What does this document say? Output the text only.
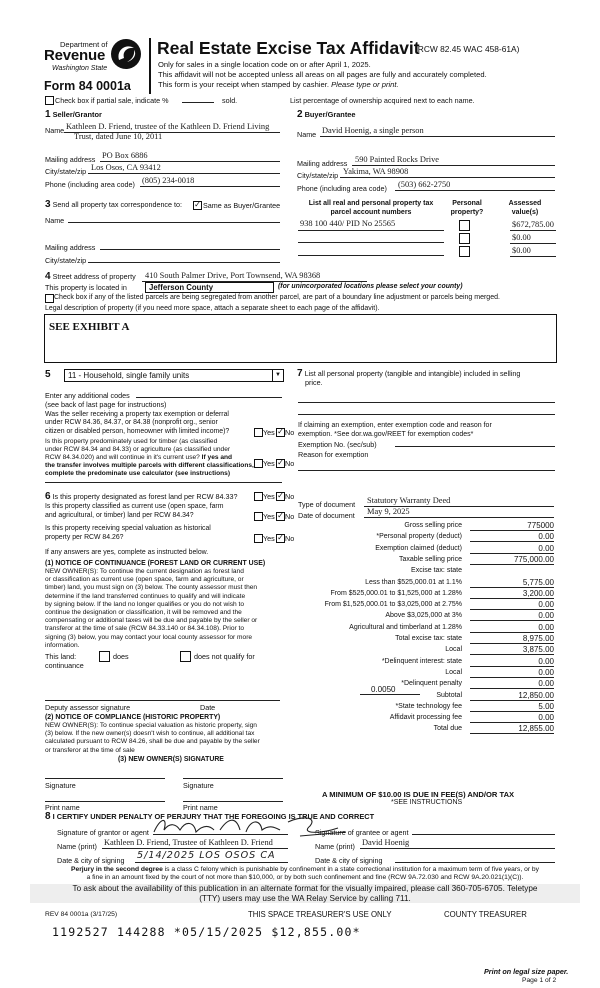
Department of
Revenue
Washington State
Form 84 0001a
Real Estate Excise Tax Affidavit
(RCW 82.45 WAC 458-61A)
Only for sales in a single location code on or after April 1, 2025.
This affidavit will not be accepted unless all areas on all pages are fully and accurately completed.
This form is your receipt when stamped by cashier. Please type or print.
Check box if partial sale, indicate %	sold.	List percentage of ownership acquired next to each name.
1 Seller/Grantor
Name Kathleen D. Friend, trustee of the Kathleen D. Friend Living
Trust, dated June 10, 2011
Mailing address PO Box 6886
City/state/zip Los Osos, CA 93412
Phone (including area code) (805) 234-0018
2 Buyer/Grantee
Name David Hoenig, a single person
Mailing address 590 Painted Rocks Drive
City/state/zip Yakima, WA 98908
Phone (including area code) (503) 662-2750
3 Send all property tax correspondence to: ✓ Same as Buyer/Grantee
Name
Mailing address
City/state/zip
List all real and personal property tax parcel account numbers
Personal property?
Assessed value(s)
938 100 440/ PID No 25565	$672,785.00
$0.00
$0.00
4 Street address of property 410 South Palmer Drive, Port Townsend, WA 98368
This property is located in	Jefferson County	(for unincorporated locations please select your county)
Check box if any of the listed parcels are being segregated from another parcel, are part of a boundary line adjustment or parcels being merged.
Legal description of property (if you need more space, attach a separate sheet to each page of the affidavit).
SEE EXHIBIT A
5 11 - Household, single family units	▼
Enter any additional codes
(see back of last page for instructions)
Was the seller receiving a property tax exemption or deferral
under RCW 84.36, 84.37, or 84.38 (nonprofit org., senior
citizen or disabled person, homeowner with limited income)?	Yes ✓ No
Is this property predominately used for timber (as classified
under RCW 84.34 and 84.33) or agriculture (as classified under
RCW 84.34.020) and will continue in it's current use? If yes and
the transfer involves multiple parcels with different classifications,
complete the predominate use calculator (see instructions)
Yes ✓ No
6 Is this property designated as forest land per RCW 84.33?	Yes ✓ No
Is this property classified as current use (open space, farm
and agricultural, or timber) land per RCW 84.34?	Yes ✓ No
Is this property receiving special valuation as historical
property per RCW 84.26?	Yes ✓ No
If any answers are yes, complete as instructed below.
(1) NOTICE OF CONTINUANCE (FOREST LAND OR CURRENT USE)
NEW OWNER(S): To continue the current designation as forest land
or classification as current use (open space, farm and agriculture, or
timber) land, you must sign on (3) below. The county assessor must then
determine if the land transferred continues to qualify and will indicate
by signing below. If the land no longer qualifies or you do not wish to
continue the designation or classification, it will be removed and the
compensating or additional taxes will be due and payable by the seller or
transferor at the time of sale (RCW 84.33.140 or 84.34.108). Prior to
signing (3) below, you may contact your local county assessor for more
information.
This land:
continuance
does	does not qualify for
Deputy assessor signature	Date
(2) NOTICE OF COMPLIANCE (HISTORIC PROPERTY)
NEW OWNER(S): To continue special valuation as historic property, sign
(3) below. If the new owner(s) doesn't wish to continue, all additional tax
calculated pursuant to RCW 84.26, shall be due and payable by the seller
or transferor at the time of sale
(3) NEW OWNER(S) SIGNATURE
Signature	Signature
Print name	Print name
7 List all personal property (tangible and intangible) included in selling
price.
If claiming an exemption, enter exemption code and reason for
exemption. *See dor.wa.gov/REET for exemption codes*
Exemption No. (sec/sub)
Reason for exemption
Type of document Statutory Warranty Deed
Date of document May 9, 2025
Gross selling price	775000
*Personal property (deduct)	0.00
Exemption claimed (deduct)	0.00
Taxable selling price	775,000.00
Excise tax: state
Less than $525,000.01 at 1.1%	5,775.00
From $525,000.01 to $1,525,000 at 1.28%	3,200.00
From $1,525,000.01 to $3,025,000 at 2.75%	0.00
Above $3,025,000 at 3%	0.00
Agricultural and timberland at 1.28%	0.00
Total excise tax: state	8,975.00
Local	3,875.00
*Delinquent interest: state	0.00
Local	0.00
*Delinquent penalty	0.00
Subtotal	12,850.00
*State technology fee	5.00
Affidavit processing fee	0.00
Total due	12,855.00
0.0050
A MINIMUM OF $10.00 IS DUE IN FEE(S) AND/OR TAX
*SEE INSTRUCTIONS
8 I CERTIFY UNDER PENALTY OF PERJURY THAT THE FOREGOING IS TRUE AND CORRECT
Signature of grantor or agent	Signature of grantee or agent
Name (print) Kathleen D. Friend, Trustee of Kathleen D. Friend	Name (print) David Hoenig
Date & city of signing 5/14/2025 LOS OSOS CA	Date & city of signing
Perjury in the second degree is a class C felony which is punishable by confinement in a state correctional institution for a maximum term of five years, or by
a fine in an amount fixed by the court of not more than $10,000, or by both such confinement and fine (RCW 9A.72.030 and RCW 9A.20.021(1)(C)).
To ask about the availability of this publication in an alternate format for the visually impaired, please call 360-705-6705. Teletype
(TTY) users may use the WA Relay Service by calling 711.
REV 84 0001a (3/17/25)	THIS SPACE TREASURER'S USE ONLY	COUNTY TREASURER
1192527 144288 *05/15/2025 $12,855.00*
Print on legal size paper.
Page 1 of 2
